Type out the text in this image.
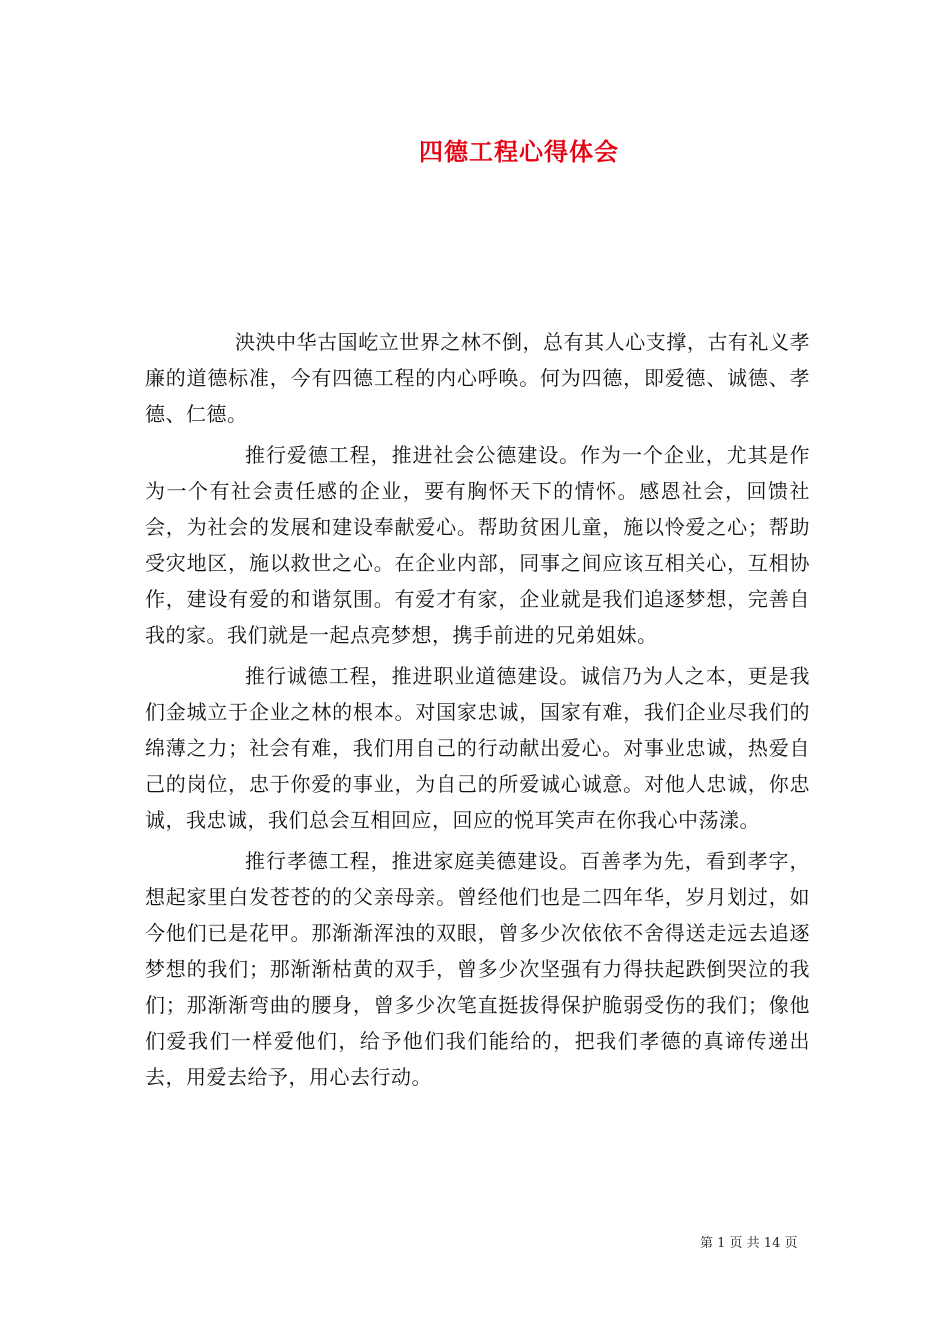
四德工程心得体会

泱泱中华古国屹立世界之林不倒，总有其人心支撑，古有礼义孝廉的道德标准，今有四德工程的内心呼唤。何为四德，即爱德、诚德、孝德、仁德。

推行爱德工程，推进社会公德建设。作为一个企业，尤其是作为一个有社会责任感的企业，要有胸怀天下的情怀。感恩社会，回馈社会，为社会的发展和建设奉献爱心。帮助贫困儿童，施以怜爱之心；帮助受灾地区，施以救世之心。在企业内部，同事之间应该互相关心，互相协作，建设有爱的和谐氛围。有爱才有家，企业就是我们追逐梦想，完善自我的家。我们就是一起点亮梦想，携手前进的兄弟姐妹。

推行诚德工程，推进职业道德建设。诚信乃为人之本，更是我们金城立于企业之林的根本。对国家忠诚，国家有难，我们企业尽我们的绵薄之力；社会有难，我们用自己的行动献出爱心。对事业忠诚，热爱自己的岗位，忠于你爱的事业，为自己的所爱诚心诚意。对他人忠诚，你忠诚，我忠诚，我们总会互相回应，回应的悦耳笑声在你我心中荡漾。

推行孝德工程，推进家庭美德建设。百善孝为先，看到孝字，想起家里白发苍苍的的父亲母亲。曾经他们也是二四年华，岁月划过，如今他们已是花甲。那渐渐浑浊的双眼，曾多少次依依不舍得送走远去追逐梦想的我们；那渐渐枯黄的双手，曾多少次坚强有力得扶起跌倒哭泣的我们；那渐渐弯曲的腰身，曾多少次笔直挺拔得保护脆弱受伤的我们；像他们爱我们一样爱他们，给予他们我们能给的，把我们孝德的真谛传递出去，用爱去给予，用心去行动。

第 1 页 共 14 页
